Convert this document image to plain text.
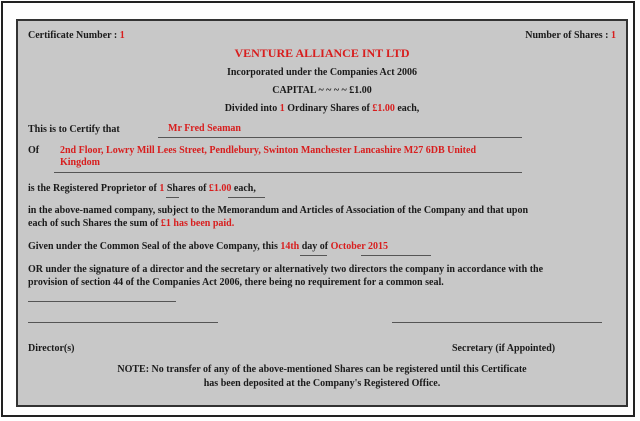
Certificate Number : 1	Number of Shares : 1
VENTURE ALLIANCE INT LTD
Incorporated under the Companies Act 2006
CAPITAL ~ ~ ~ ~ £1.00
Divided into 1 Ordinary Shares of £1.00 each,
This is to Certify that	Mr Fred Seaman
Of 2nd Floor, Lowry Mill Lees Street, Pendlebury, Swinton Manchester Lancashire M27 6DB United
Kingdom
is the Registered Proprietor of 1 Shares of £1.00 each,
in the above-named company, subject to the Memorandum and Articles of Association of the Company and that upon
each of such Shares the sum of £1 has been paid.
Given under the Common Seal of the above Company, this 14th day of October 2015
OR under the signature of a director and the secretary or alternatively two directors the company in accordance with the
provision of section 44 of the Companies Act 2006, there being no requirement for a common seal.
Director(s)	Secretary (if Appointed)
NOTE: No transfer of any of the above-mentioned Shares can be registered until this Certificate
has been deposited at the Company's Registered Office.
